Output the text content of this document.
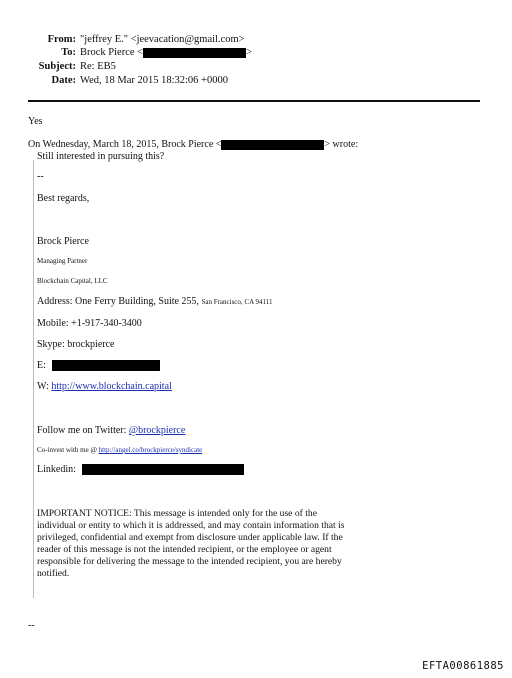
From: "jeffrey E." <jeevacation@gmail.com>
To: Brock Pierce <	>
Subject: Re: EB5
Date: Wed, 18 Mar 2015 18:32:06 +0000
Yes
On Wednesday, March 18, 2015, Brock Pierce <	> wrote:
Still interested in pursuing this?
--
Best regards,
Brock Pierce
Managing Partner
Blockchain Capital, LLC
Address: One Ferry Building, Suite 255, San Francisco, CA 94111
Mobile: +1-917-340-3400
Skype: brockpierce
E:
W: http://www.blockchain.capital
Follow me on Twitter: @brockpierce
Co-invest with me @ http://angel.co/brockpierce/syndicate
Linkedin:
IMPORTANT NOTICE: This message is intended only for the use of the individual or entity to which it is addressed, and may contain information that is privileged, confidential and exempt from disclosure under applicable law. If the reader of this message is not the intended recipient, or the employee or agent responsible for delivering the message to the intended recipient, you are hereby notified.
--
EFTA00861885
